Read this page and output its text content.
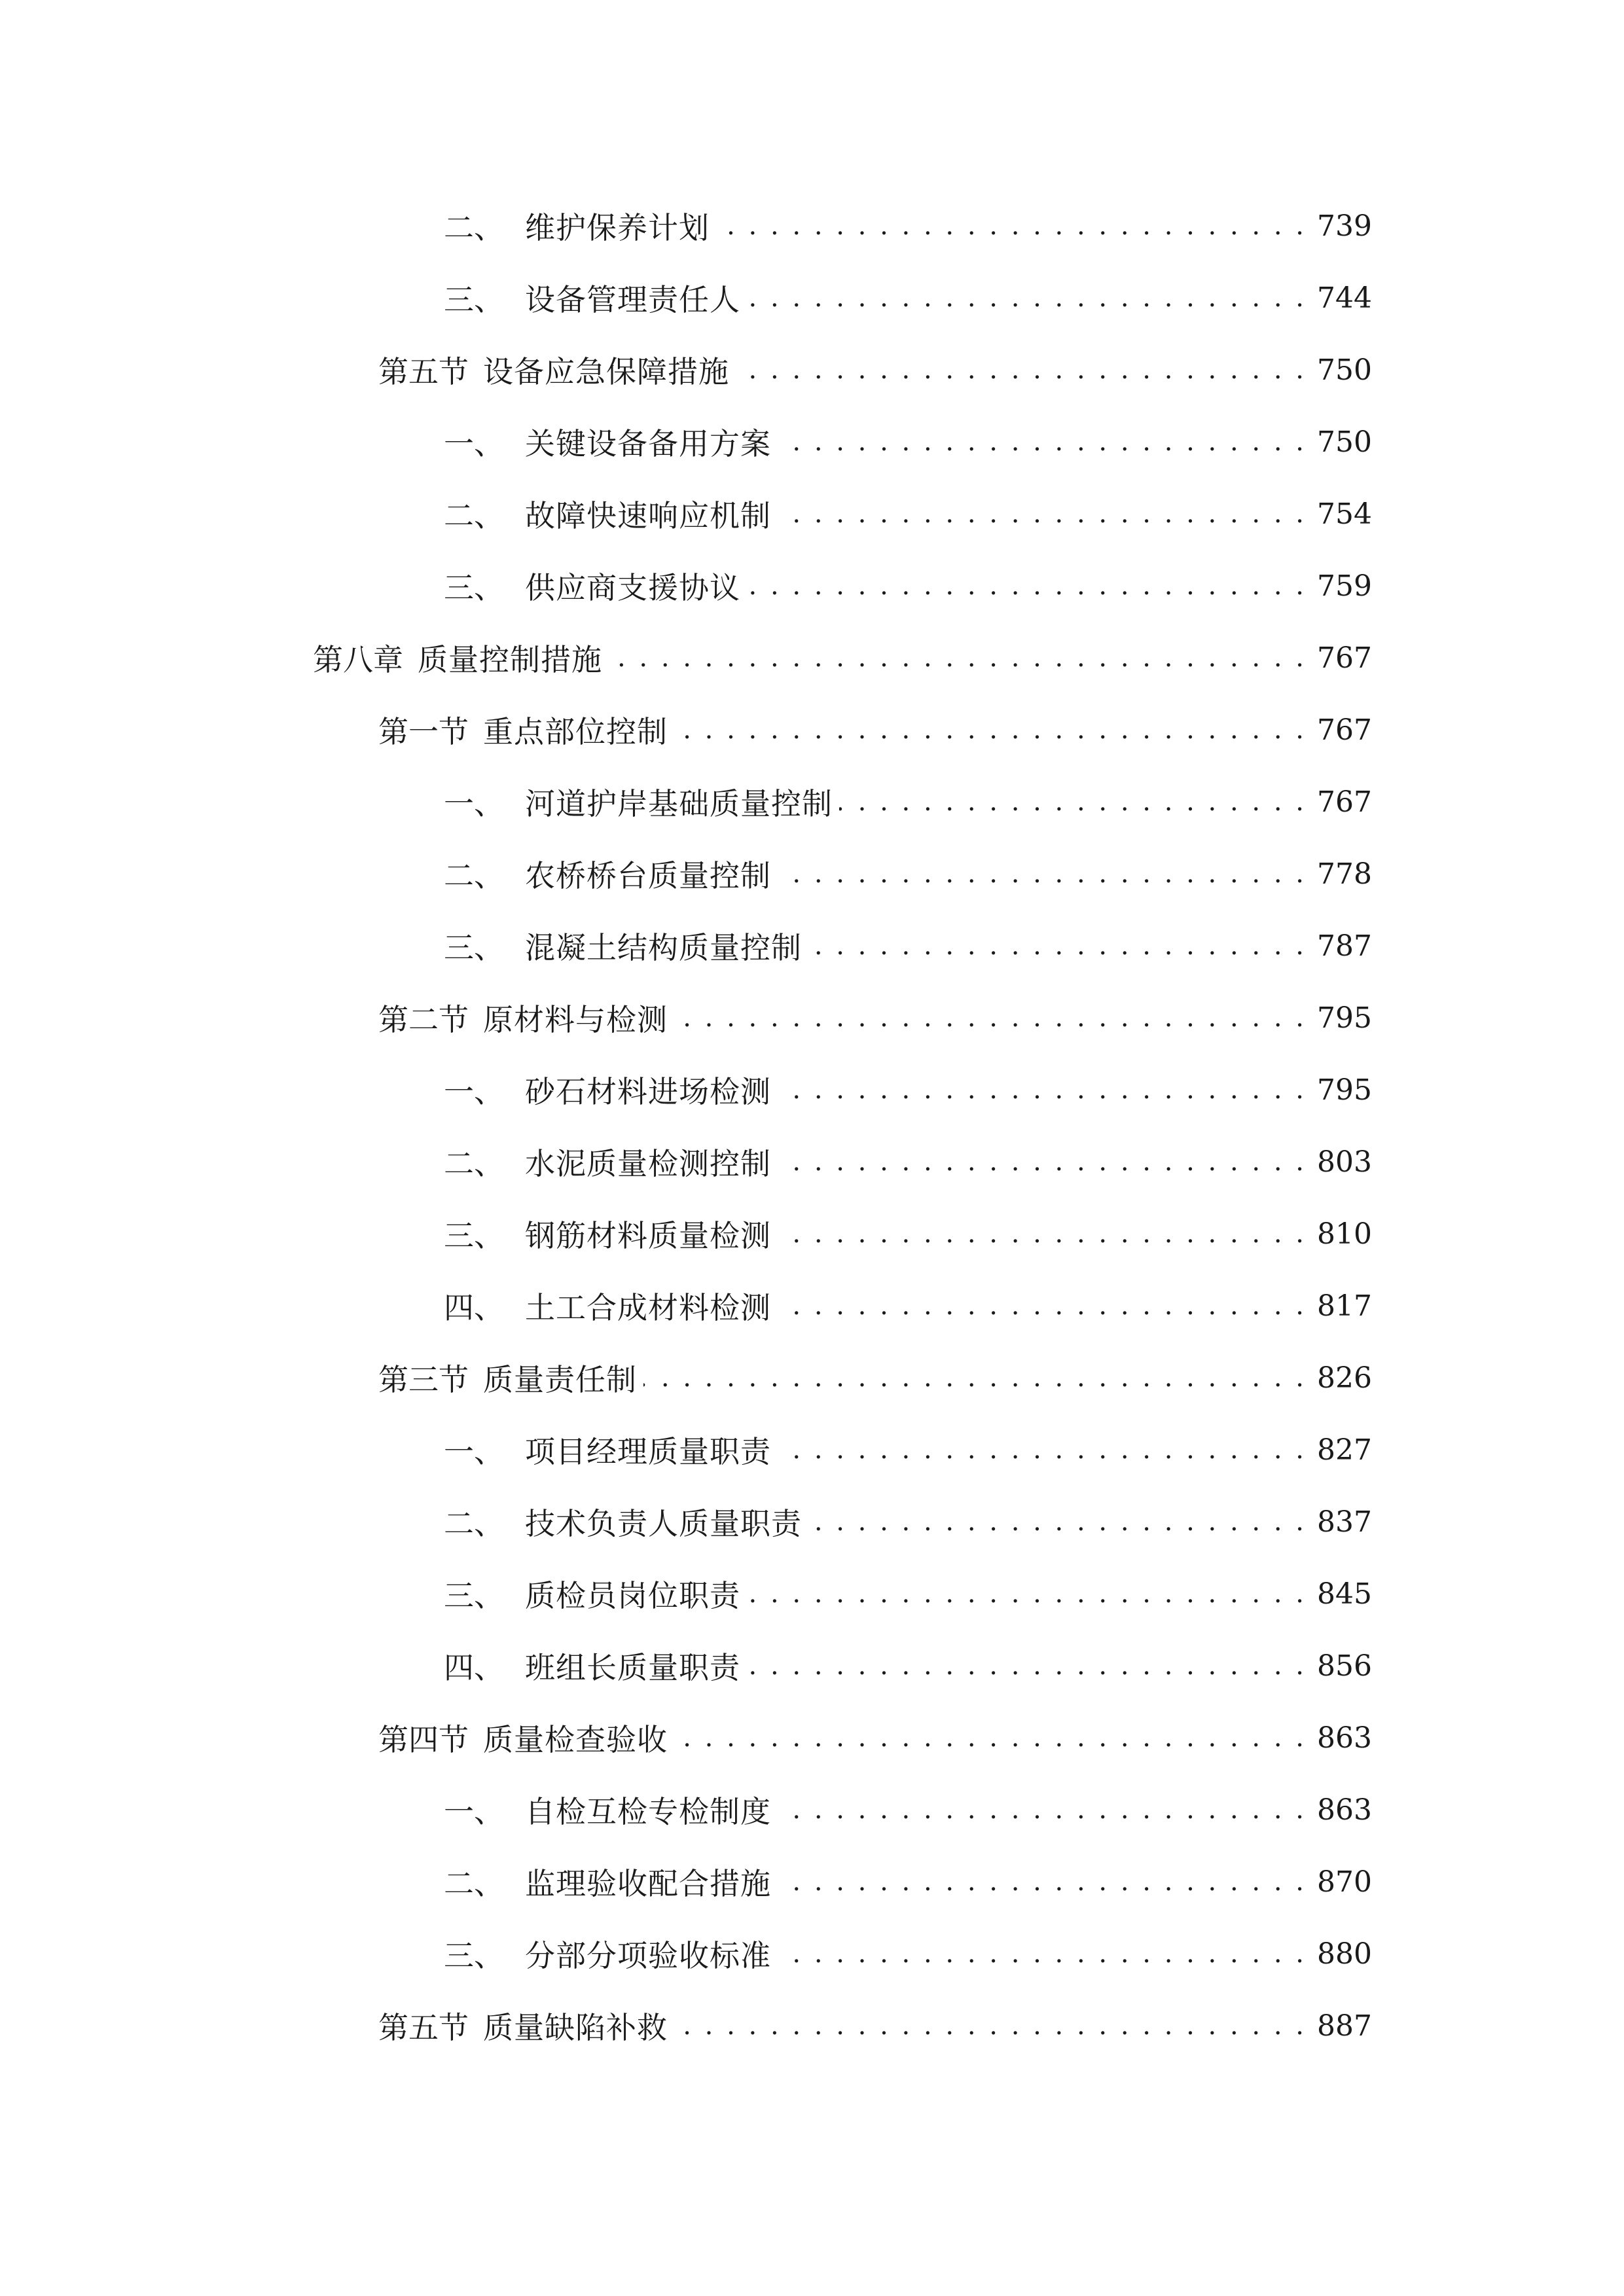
二、 维护保养计划 . . .	739
三、 设备管理责任人 . . .	744
第五节 设备应急保障措施 . . .	750
一、 关键设备备用方案 . . .	750
二、 故障快速响应机制 . . .	754
三、 供应商支援协议 . . .	759
第八章 质量控制措施 . . .	767
第一节 重点部位控制 . . .	767
一、 河道护岸基础质量控制 . . .	767
二、 农桥桥台质量控制 . . .	778
三、 混凝土结构质量控制 . . .	787
第二节 原材料与检测 . . .	795
一、 砂石材料进场检测 . . .	795
二、 水泥质量检测控制 . . .	803
三、 钢筋材料质量检测 . . .	810
四、 土工合成材料检测 . . .	817
第三节 质量责任制 . . .	826
一、 项目经理质量职责 . . .	827
二、 技术负责人质量职责 . . .	837
三、 质检员岗位职责 . . .	845
四、 班组长质量职责 . . .	856
第四节 质量检查验收 . . .	863
一、 自检互检专检制度 . . .	863
二、 监理验收配合措施 . . .	870
三、 分部分项验收标准 . . .	880
第五节 质量缺陷补救 . . .	887
